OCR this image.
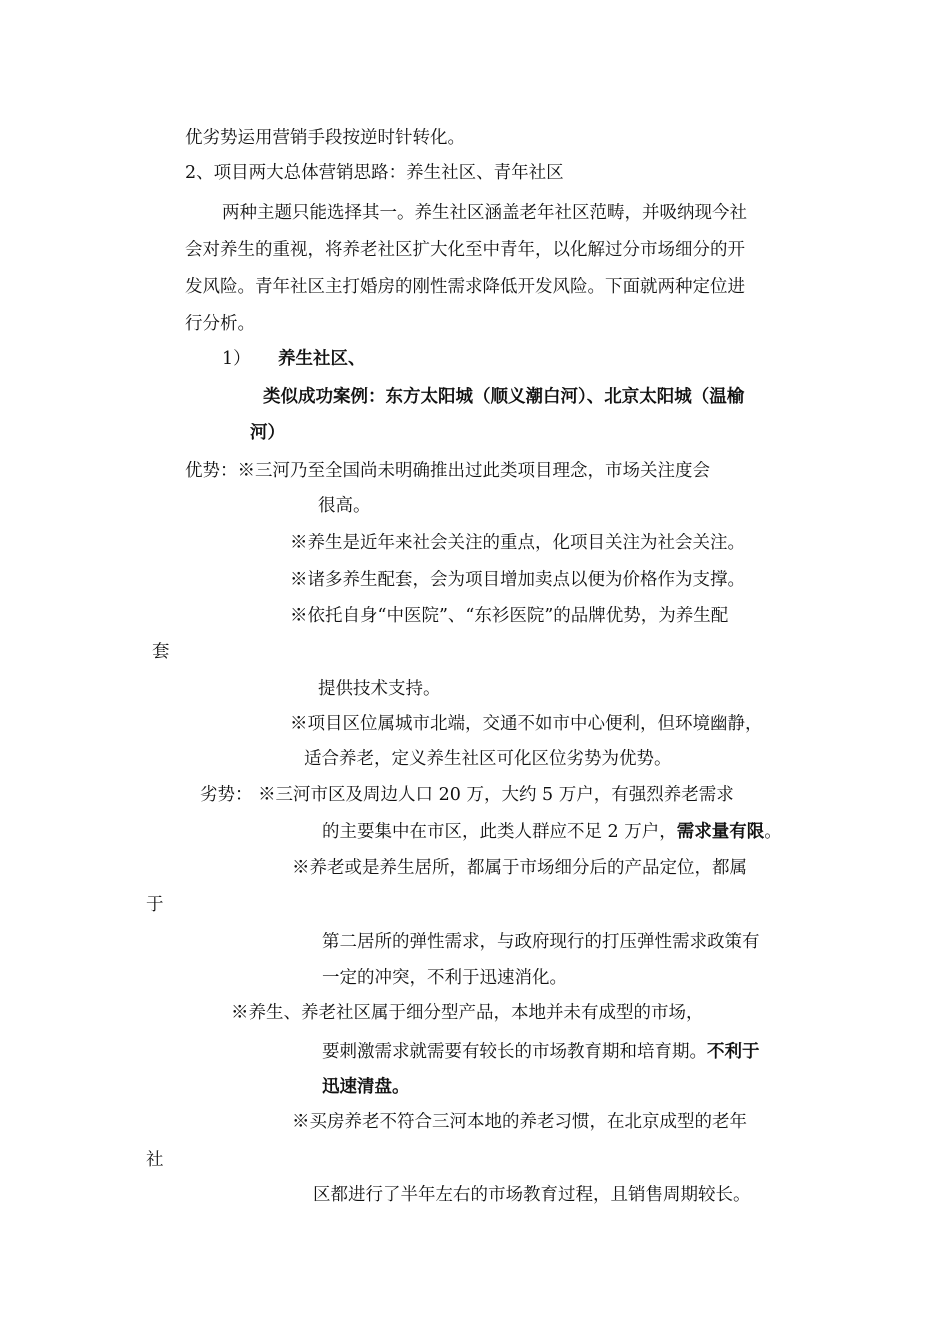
优劣势运用营销手段按逆时针转化。
2、项目两大总体营销思路：养生社区、青年社区
两种主题只能选择其一。养生社区涵盖老年社区范畴，并吸纳现今社
会对养生的重视，将养老社区扩大化至中青年，以化解过分市场细分的开
发风险。青年社区主打婚房的刚性需求降低开发风险。下面就两种定位进
行分析。
1） 养生社区、
类似成功案例：东方太阳城（顺义潮白河）、北京太阳城（温榆
河）
优势：※三河乃至全国尚未明确推出过此类项目理念，市场关注度会
很高。
※养生是近年来社会关注的重点，化项目关注为社会关注。
※诸多养生配套，会为项目增加卖点以便为价格作为支撑。
※依托自身“中医院”、“东衫医院”的品牌优势，为养生配
套
提供技术支持。
※项目区位属城市北端，交通不如市中心便利，但环境幽静，
适合养老，定义养生社区可化区位劣势为优势。
劣势： ※三河市区及周边人口 20 万，大约 5 万户，有强烈养老需求
的主要集中在市区，此类人群应不足 2 万户，需求量有限。
※养老或是养生居所，都属于市场细分后的产品定位，都属
于
第二居所的弹性需求，与政府现行的打压弹性需求政策有
一定的冲突，不利于迅速消化。
※养生、养老社区属于细分型产品，本地并未有成型的市场，
要刺激需求就需要有较长的市场教育期和培育期。不利于
迅速清盘。
※买房养老不符合三河本地的养老习惯，在北京成型的老年
社
区都进行了半年左右的市场教育过程，且销售周期较长。
